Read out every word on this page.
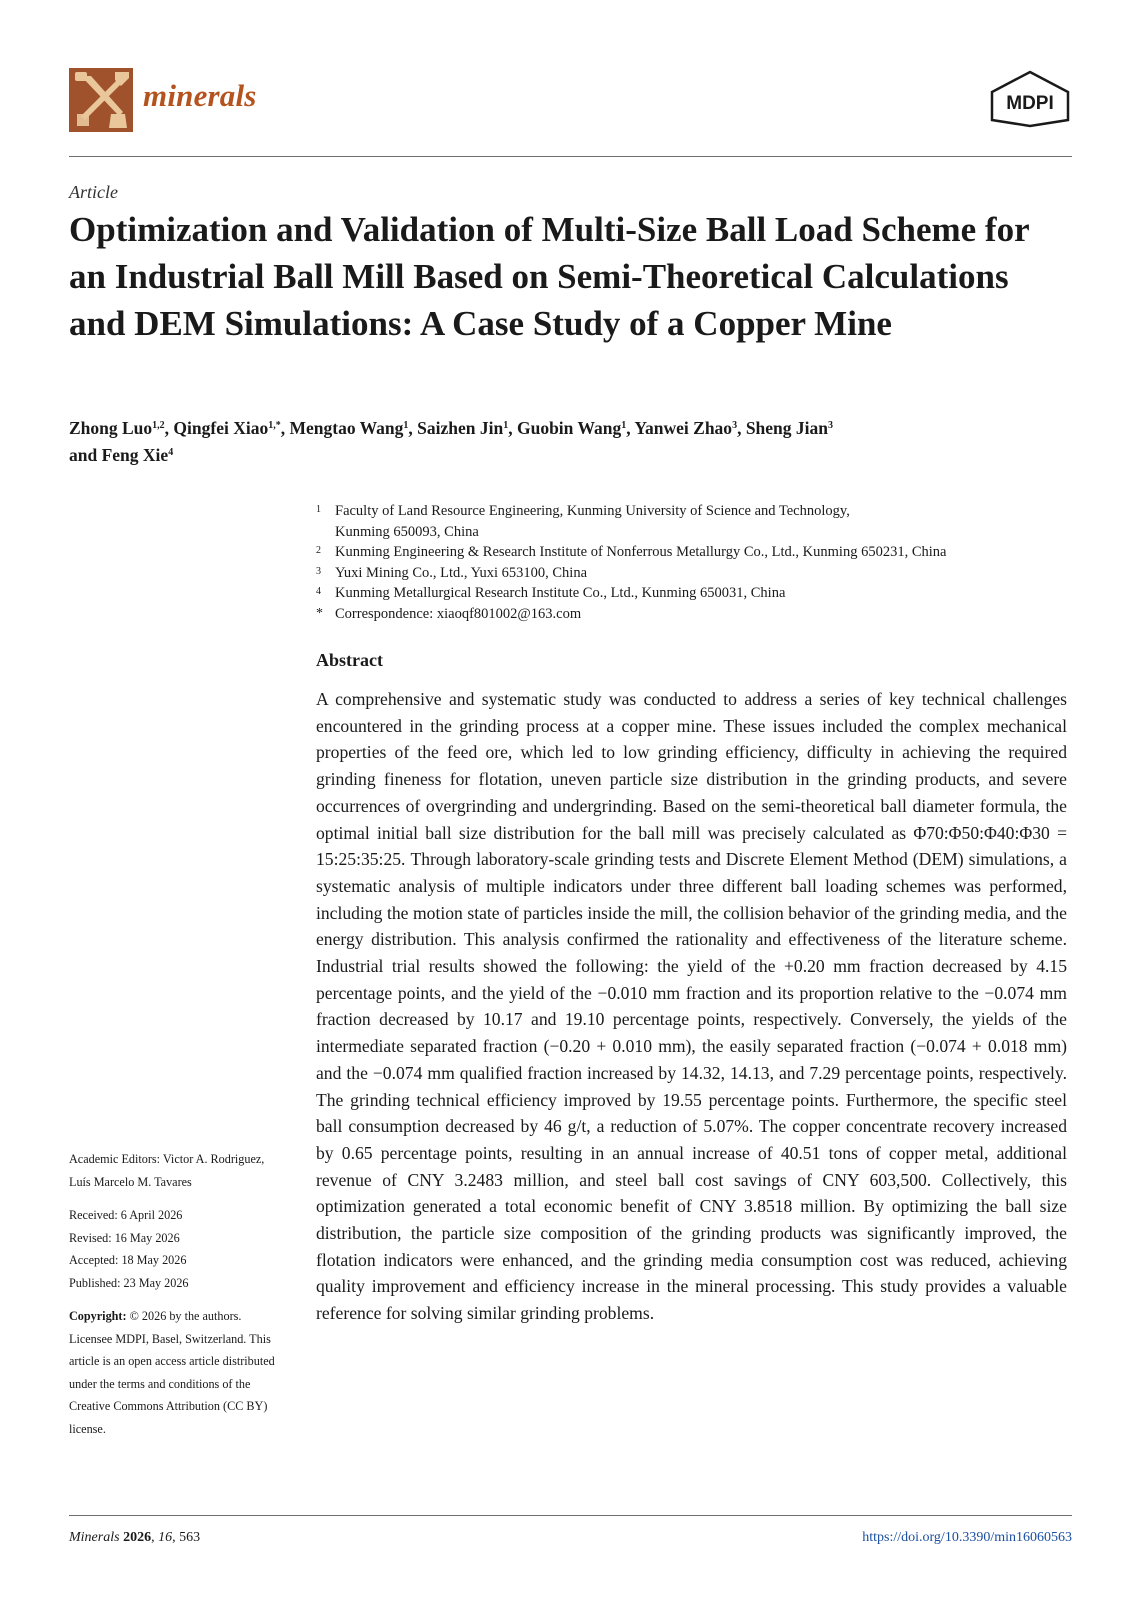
minerals	MDPI
Article
Optimization and Validation of Multi-Size Ball Load Scheme for an Industrial Ball Mill Based on Semi-Theoretical Calculations and DEM Simulations: A Case Study of a Copper Mine
Zhong Luo$^{1,2}$, Qingfei Xiao$^{1,*}$, Mengtao Wang$^1$, Saizhen Jin$^1$, Guobin Wang$^1$, Yanwei Zhao$^3$, Sheng Jian$^3$
and Feng Xie$^4$
1 Faculty of Land Resource Engineering, Kunming University of Science and Technology,
Kunming 650093, China
2 Kunming Engineering & Research Institute of Nonferrous Metallurgy Co., Ltd., Kunming 650231, China
3 Yuxi Mining Co., Ltd., Yuxi 653100, China
4 Kunming Metallurgical Research Institute Co., Ltd., Kunming 650031, China
* Correspondence: xiaoqf801002@163.com
Abstract
A comprehensive and systematic study was conducted to address a series of key technical challenges encountered in the grinding process at a copper mine. These issues included the complex mechanical properties of the feed ore, which led to low grinding efficiency, difficulty in achieving the required grinding fineness for flotation, uneven particle size distribution in the grinding products, and severe occurrences of overgrinding and undergrinding. Based on the semi-theoretical ball diameter formula, the optimal initial ball size distribution for the ball mill was precisely calculated as Φ70:Φ50:Φ40:Φ30 = 15:25:35:25. Through laboratory-scale grinding tests and Discrete Element Method (DEM) simulations, a systematic analysis of multiple indicators under three different ball loading schemes was performed, including the motion state of particles inside the mill, the collision behavior of the grinding media, and the energy distribution. This analysis confirmed the rationality and effectiveness of the literature scheme. Industrial trial results showed the following: the yield of the +0.20 mm fraction decreased by 4.15 percentage points, and the yield of the −0.010 mm fraction and its proportion relative to the −0.074 mm fraction decreased by 10.17 and 19.10 percentage points, respectively. Conversely, the yields of the intermediate separated fraction (−0.20 + 0.010 mm), the easily separated fraction (−0.074 + 0.018 mm) and the −0.074 mm qualified fraction increased by 14.32, 14.13, and 7.29 percentage points, respectively. The grinding technical efficiency improved by 19.55 percentage points. Furthermore, the specific steel ball consumption decreased by 46 g/t, a reduction of 5.07%. The copper concentrate recovery increased by 0.65 percentage points, resulting in an annual increase of 40.51 tons of copper metal, additional revenue of CNY 3.2483 million, and steel ball cost savings of CNY 603,500. Collectively, this optimization generated a total economic benefit of CNY 3.8518 million. By optimizing the ball size distribution, the particle size composition of the grinding products was significantly improved, the flotation indicators were enhanced, and the grinding media consumption cost was reduced, achieving quality improvement and efficiency increase in the mineral processing. This study provides a valuable reference for solving similar grinding problems.

Academic Editors: Victor A. Rodriguez, Luís Marcelo M. Tavares

Received: 6 April 2026

Revised: 16 May 2026

Accepted: 18 May 2026

Published: 23 May 2026

Copyright: © 2026 by the authors. Licensee MDPI, Basel, Switzerland. This article is an open access article distributed under the terms and conditions of the Creative Commons Attribution (CC BY) license.

Minerals 2026, 16, 563	https://doi.org/10.3390/min16060563
